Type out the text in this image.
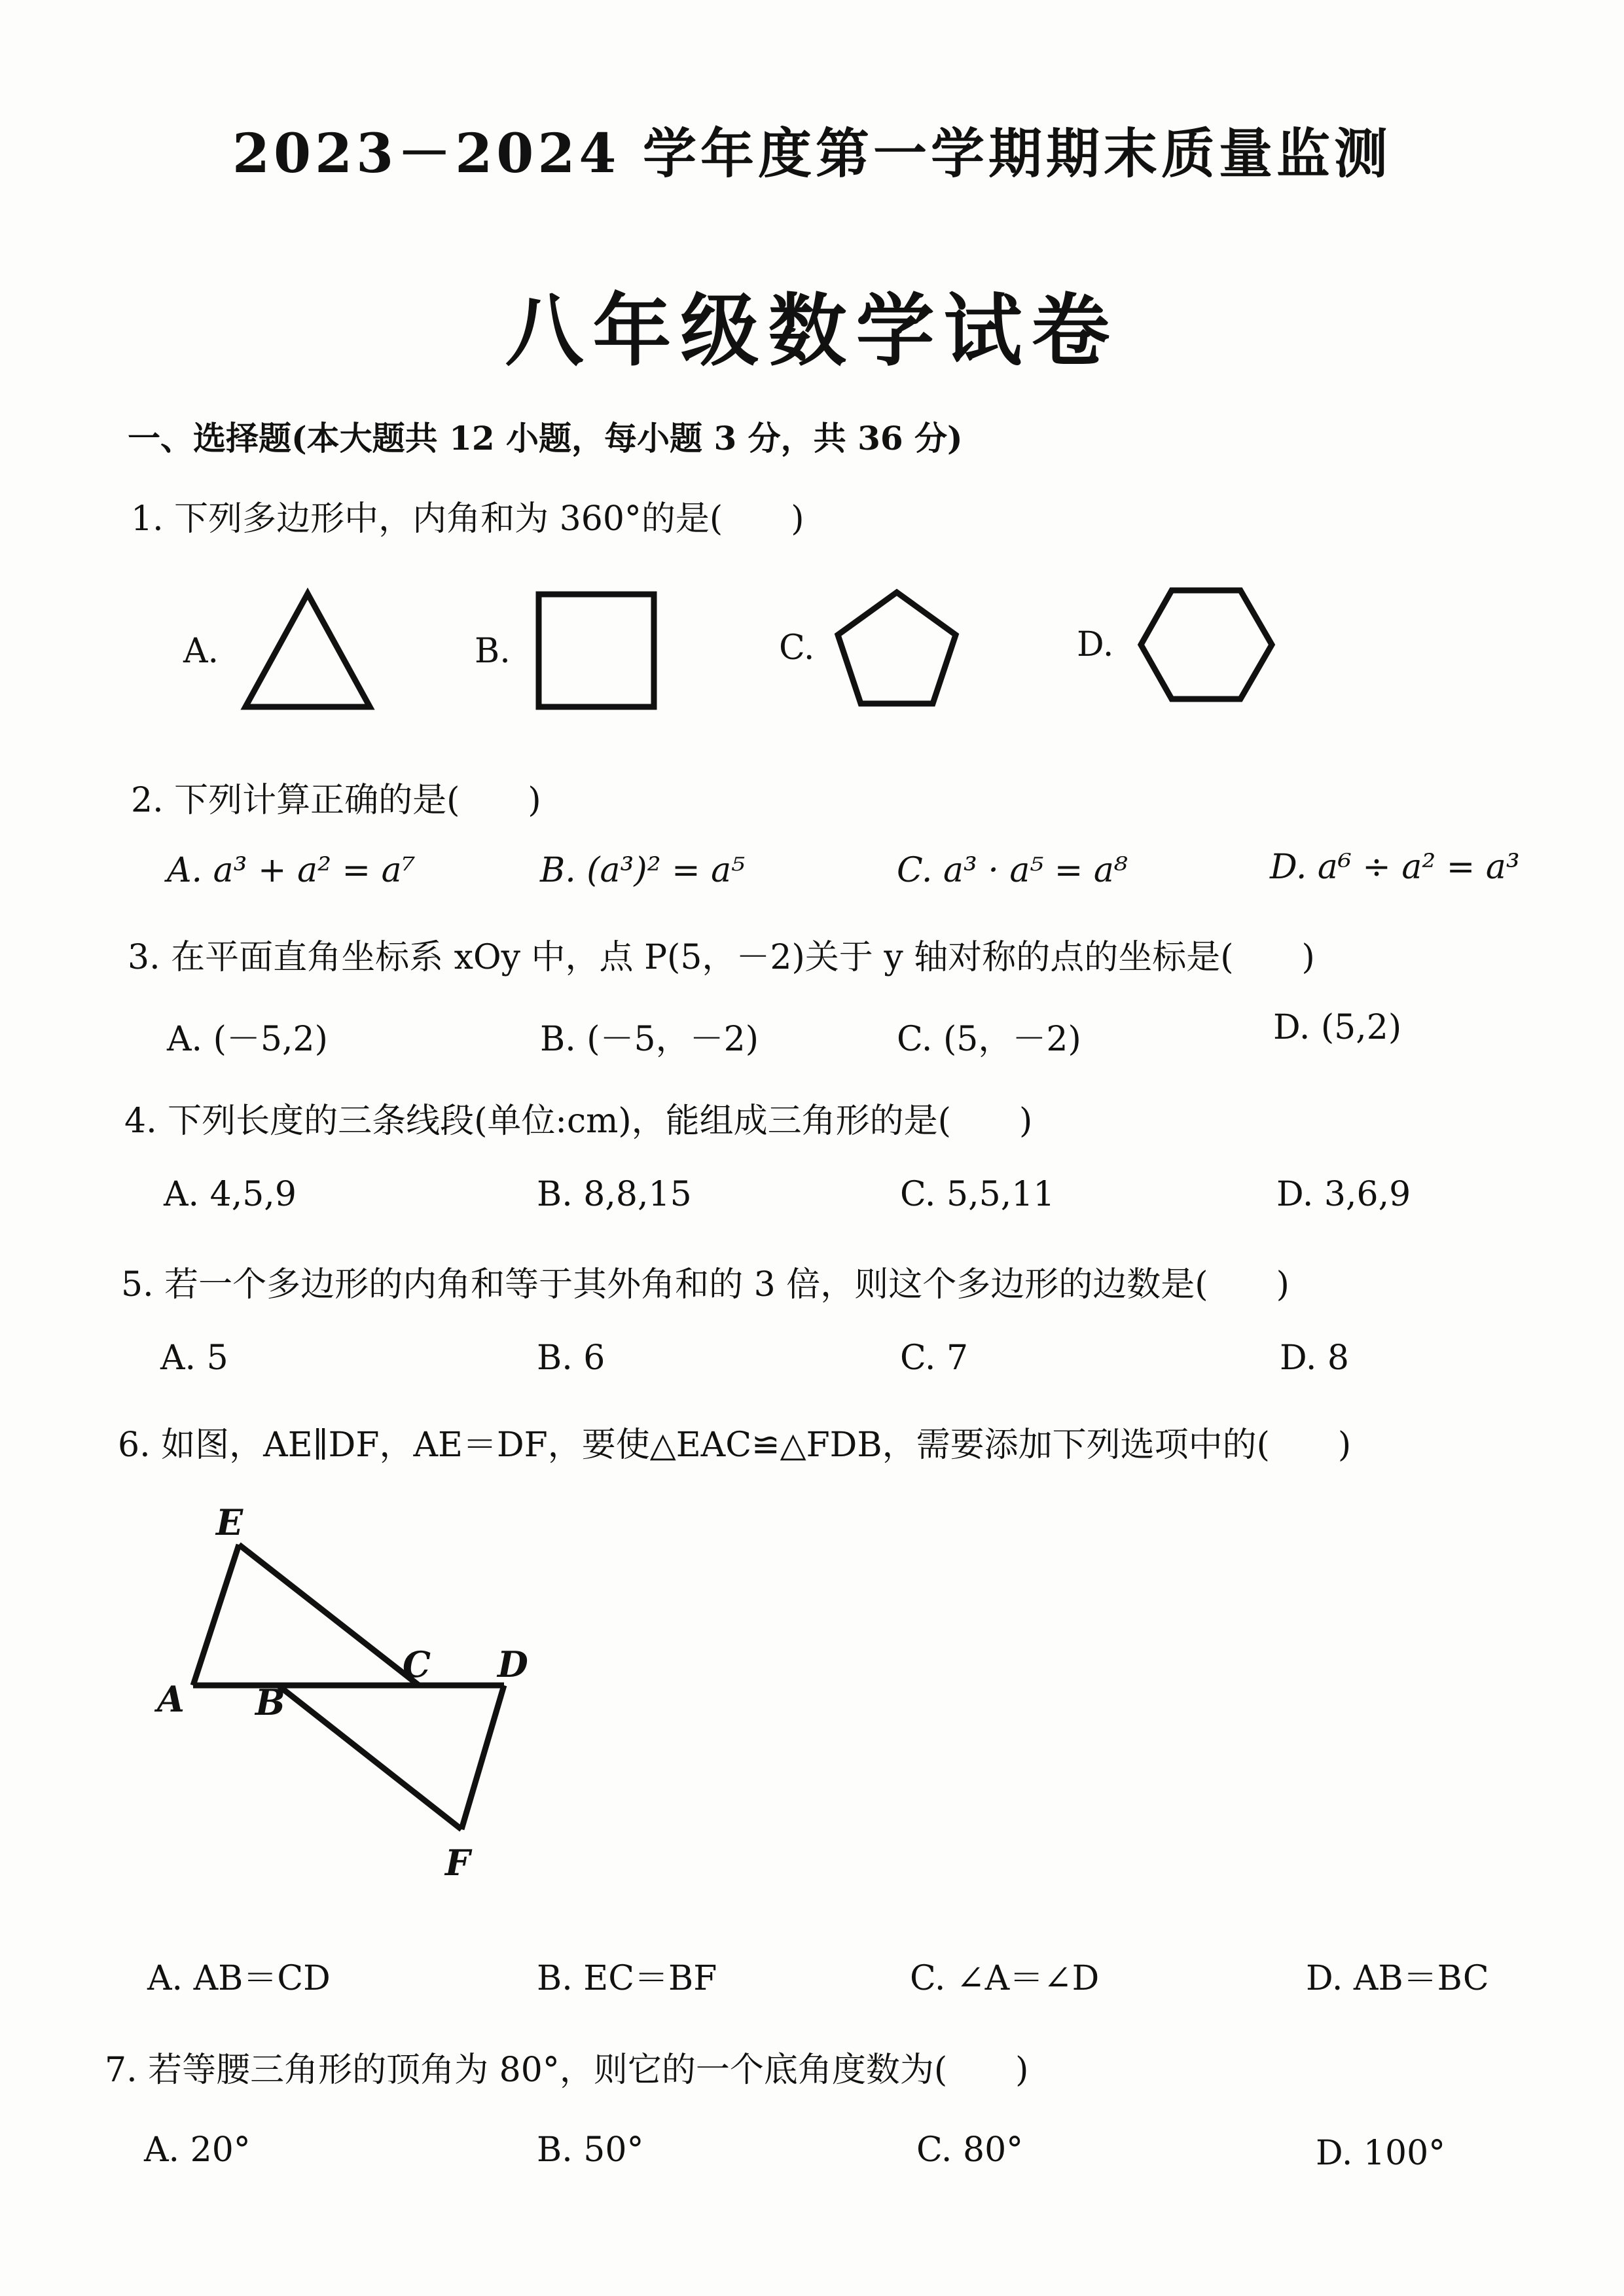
2023－2024 学年度第一学期期末质量监测
八年级数学试卷
一、选择题(本大题共 12 小题，每小题 3 分，共 36 分)
1. 下列多边形中，内角和为 360°的是(　　)
A.	B.	C.	D.
2. 下列计算正确的是(　　)
A. a³ + a² = a⁷	B. (a³)² = a⁵	C. a³ · a⁵ = a⁸	D. a⁶ ÷ a² = a³
3. 在平面直角坐标系 xOy 中，点 P(5，－2)关于 y 轴对称的点的坐标是(　　)
A. (－5,2)	B. (－5，－2)	C. (5，－2)	D. (5,2)
4. 下列长度的三条线段(单位:cm)，能组成三角形的是(　　)
A. 4,5,9	B. 8,8,15	C. 5,5,11	D. 3,6,9
5. 若一个多边形的内角和等于其外角和的 3 倍，则这个多边形的边数是(　　)
A. 5	B. 6	C. 7	D. 8
6. 如图，AE∥DF，AE＝DF，要使△EAC≌△FDB，需要添加下列选项中的(　　)
E
A B
C D
F
A. AB＝CD	B. EC＝BF	C. ∠A＝∠D	D. AB＝BC
7. 若等腰三角形的顶角为 80°，则它的一个底角度数为(　　)
A. 20°	B. 50°	C. 80°	D. 100°
